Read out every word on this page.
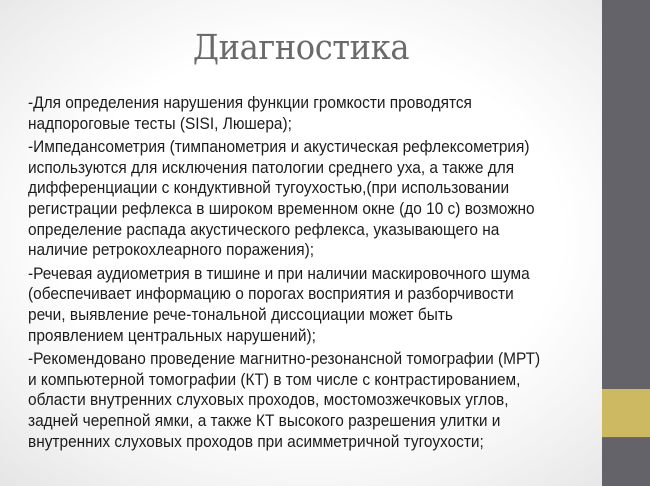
Диагностика

-Для определения нарушения функции громкости проводятся
надпороговые тесты (SISI, Люшера);

-Импедансометрия (тимпанометрия и акустическая рефлексометрия)
используются для исключения патологии среднего уха, а также для
дифференциации с кондуктивной тугоухостью,(при использовании
регистрации рефлекса в широком временном окне (до 10 с) возможно
определение распада акустического рефлекса, указывающего на
наличие ретрокохлеарного поражения);

-Речевая аудиометрия в тишине и при наличии маскировочного шума
(обеспечивает информацию о порогах восприятия и разборчивости
речи, выявление рече-тональной диссоциации может быть
проявлением центральных нарушений);

-Рекомендовано проведение магнитно-резонансной томографии (МРТ)
и компьютерной томографии (КТ) в том числе с контрастированием,
области внутренних слуховых проходов, мостомозжечковых углов,
задней черепной ямки, а также КТ высокого разрешения улитки и
внутренних слуховых проходов при асимметричной тугоухости;
